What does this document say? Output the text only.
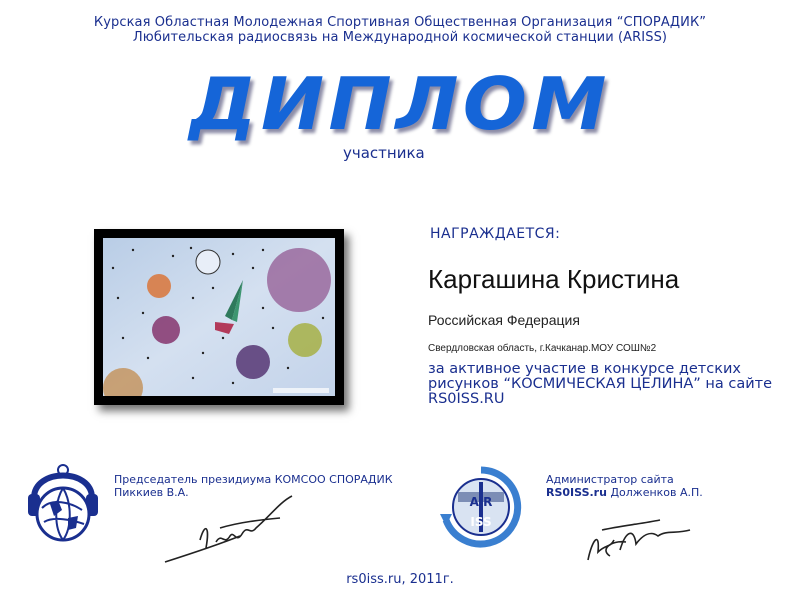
Курская Областная Молодежная Спортивная Общественная Организация “СПОРАДИК”
Любительская радиосвязь на Международной космической станции (ARISS)
ДИПЛОМ
участника
НАГРАЖДАЕТСЯ:
Каргашина Кристина
Российская Федерация
Свердловская область, г.Качканар.МОУ СОШ№2
за активное участие в конкурсе детских рисунков “КОСМИЧЕСКАЯ ЦЕЛИНА” на сайте RS0ISS.RU
Председатель президиума КОМСОО СПОРАДИК Пиккиев В.А.
A R
ISS
Администратор сайта
RS0ISS.ru Долженков А.П.
rs0iss.ru, 2011г.
